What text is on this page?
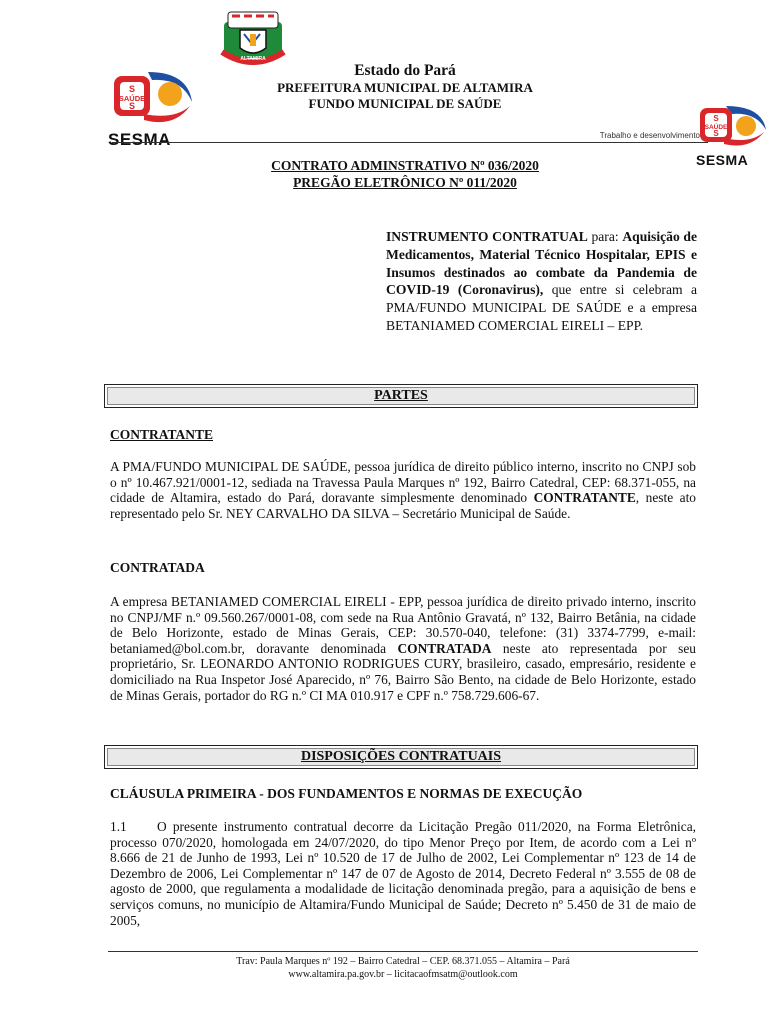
ALTAMIRA
S
SAÚDE
S
SESMA
S
SAÚDE
S
SESMA
Estado do Pará
PREFEITURA MUNICIPAL DE ALTAMIRA
FUNDO MUNICIPAL DE SAÚDE
Trabalho e desenvolvimento
CONTRATO ADMINSTRATIVO Nº 036/2020
PREGÃO ELETRÔNICO Nº 011/2020
INSTRUMENTO CONTRATUAL para: Aquisição de Medicamentos, Material Técnico Hospitalar, EPIS e Insumos destinados ao combate da Pandemia de COVID-19 (Coronavirus), que entre si celebram a PMA/FUNDO MUNICIPAL DE SAÚDE e a empresa BETANIAMED COMERCIAL EIRELI – EPP.
PARTES
CONTRATANTE
A PMA/FUNDO MUNICIPAL DE SAÚDE, pessoa jurídica de direito público interno, inscrito no CNPJ sob o nº 10.467.921/0001-12, sediada na Travessa Paula Marques nº 192, Bairro Catedral, CEP: 68.371-055, na cidade de Altamira, estado do Pará, doravante simplesmente denominado CONTRATANTE, neste ato representado pelo Sr. NEY CARVALHO DA SILVA – Secretário Municipal de Saúde.
CONTRATADA
A empresa BETANIAMED COMERCIAL EIRELI - EPP, pessoa jurídica de direito privado interno, inscrito no CNPJ/MF n.º 09.560.267/0001-08, com sede na Rua Antônio Gravatá, nº 132, Bairro Betânia, na cidade de Belo Horizonte, estado de Minas Gerais, CEP: 30.570-040, telefone: (31) 3374-7799, e-mail: betaniamed@bol.com.br, doravante denominada CONTRATADA neste ato representada por seu proprietário, Sr. LEONARDO ANTONIO RODRIGUES CURY, brasileiro, casado, empresário, residente e domiciliado na Rua Inspetor José Aparecido, nº 76, Bairro São Bento, na cidade de Belo Horizonte, estado de Minas Gerais, portador do RG n.º CI MA 010.917 e CPF n.º 758.729.606-67.
DISPOSIÇÕES CONTRATUAIS
CLÁUSULA PRIMEIRA - DOS FUNDAMENTOS E NORMAS DE EXECUÇÃO
1.1 O presente instrumento contratual decorre da Licitação Pregão 011/2020, na Forma Eletrônica, processo 070/2020, homologada em 24/07/2020, do tipo Menor Preço por Item, de acordo com a Lei nº 8.666 de 21 de Junho de 1993, Lei nº 10.520 de 17 de Julho de 2002, Lei Complementar nº 123 de 14 de Dezembro de 2006, Lei Complementar nº 147 de 07 de Agosto de 2014, Decreto Federal nº 3.555 de 08 de agosto de 2000, que regulamenta a modalidade de licitação denominada pregão, para a aquisição de bens e serviços comuns, no município de Altamira/Fundo Municipal de Saúde; Decreto nº 5.450 de 31 de maio de 2005,
Trav: Paula Marques nº 192 – Bairro Catedral – CEP. 68.371.055 – Altamira – Pará
www.altamira.pa.gov.br – licitacaofmsatm@outlook.com
